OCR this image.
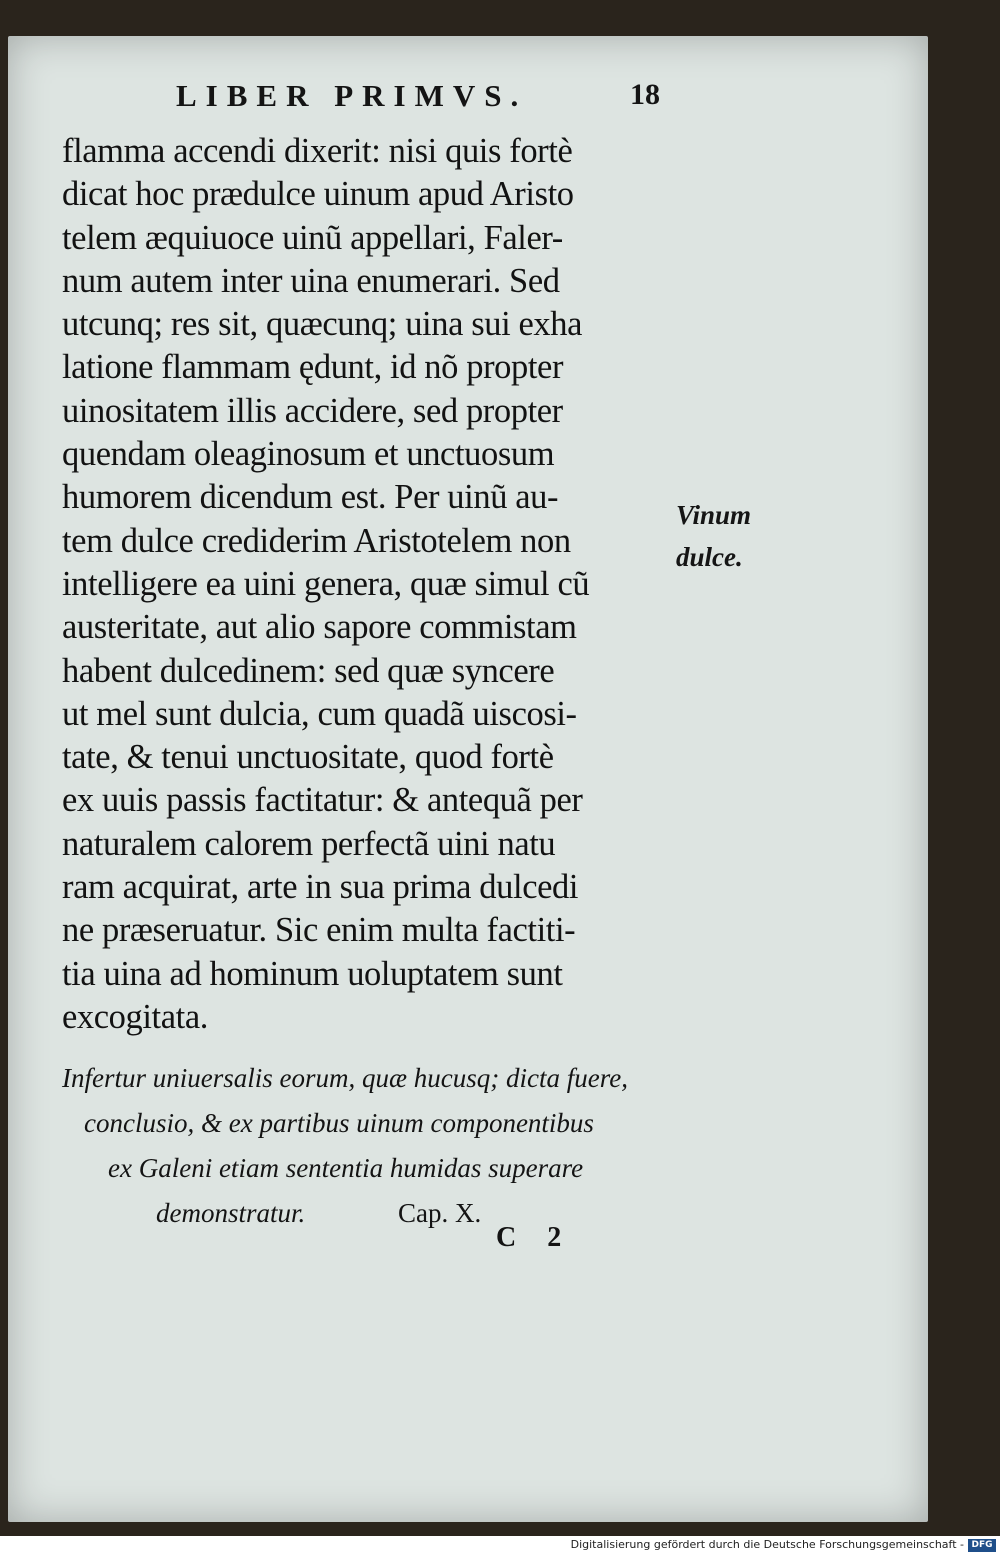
LIBER PRIMVS.	18
flamma accendi dixerit: nisi quis fortè
dicat hoc prædulce uinum apud Aristo
telem æquiuoce uinũ appellari, Faler-
num autem inter uina enumerari. Sed
utcunq; res sit, quæcunq; uina sui exha
latione flammam ędunt, id nõ propter
uinositatem illis accidere, sed propter
quendam oleaginosum et unctuosum
humorem dicendum est. Per uinũ au-
tem dulce crediderim Aristotelem non
intelligere ea uini genera, quæ simul cũ
austeritate, aut alio sapore commistam
habent dulcedinem: sed quæ syncere
ut mel sunt dulcia, cum quadã uiscosi-
tate, & tenui unctuositate, quod fortè
ex uuis passis factitatur: & antequã per
naturalem calorem perfectã uini natu
ram acquirat, arte in sua prima dulcedi
ne præseruatur. Sic enim multa factiti-
tia uina ad hominum uoluptatem sunt
excogitata.
Vinum
dulce.
Infertur uniuersalis eorum, quæ hucusq; dicta fuere,
conclusio, & ex partibus uinum componentibus
ex Galeni etiam sententia humidas superare
demonstratur.	Cap. X.
C 2
Digitalisierung gefördert durch die Deutsche Forschungsgemeinschaft - DFG
